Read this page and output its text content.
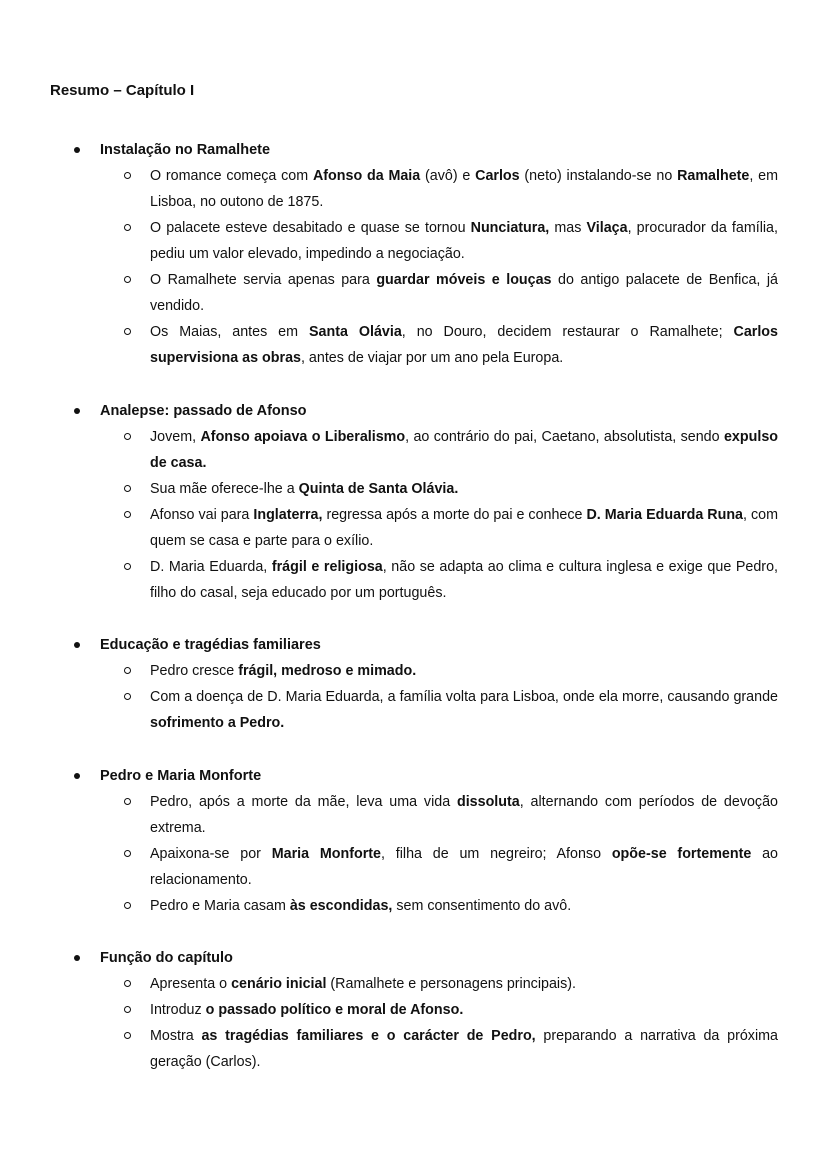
Resumo – Capítulo I
Instalação no Ramalhete
O romance começa com Afonso da Maia (avô) e Carlos (neto) instalando-se no Ramalhete, em Lisboa, no outono de 1875.
O palacete esteve desabitado e quase se tornou Nunciatura, mas Vilaça, procurador da família, pediu um valor elevado, impedindo a negociação.
O Ramalhete servia apenas para guardar móveis e louças do antigo palacete de Benfica, já vendido.
Os Maias, antes em Santa Olávia, no Douro, decidem restaurar o Ramalhete; Carlos supervisiona as obras, antes de viajar por um ano pela Europa.
Analepse: passado de Afonso
Jovem, Afonso apoiava o Liberalismo, ao contrário do pai, Caetano, absolutista, sendo expulso de casa.
Sua mãe oferece-lhe a Quinta de Santa Olávia.
Afonso vai para Inglaterra, regressa após a morte do pai e conhece D. Maria Eduarda Runa, com quem se casa e parte para o exílio.
D. Maria Eduarda, frágil e religiosa, não se adapta ao clima e cultura inglesa e exige que Pedro, filho do casal, seja educado por um português.
Educação e tragédias familiares
Pedro cresce frágil, medroso e mimado.
Com a doença de D. Maria Eduarda, a família volta para Lisboa, onde ela morre, causando grande sofrimento a Pedro.
Pedro e Maria Monforte
Pedro, após a morte da mãe, leva uma vida dissoluta, alternando com períodos de devoção extrema.
Apaixona-se por Maria Monforte, filha de um negreiro; Afonso opõe-se fortemente ao relacionamento.
Pedro e Maria casam às escondidas, sem consentimento do avô.
Função do capítulo
Apresenta o cenário inicial (Ramalhete e personagens principais).
Introduz o passado político e moral de Afonso.
Mostra as tragédias familiares e o carácter de Pedro, preparando a narrativa da próxima geração (Carlos).
